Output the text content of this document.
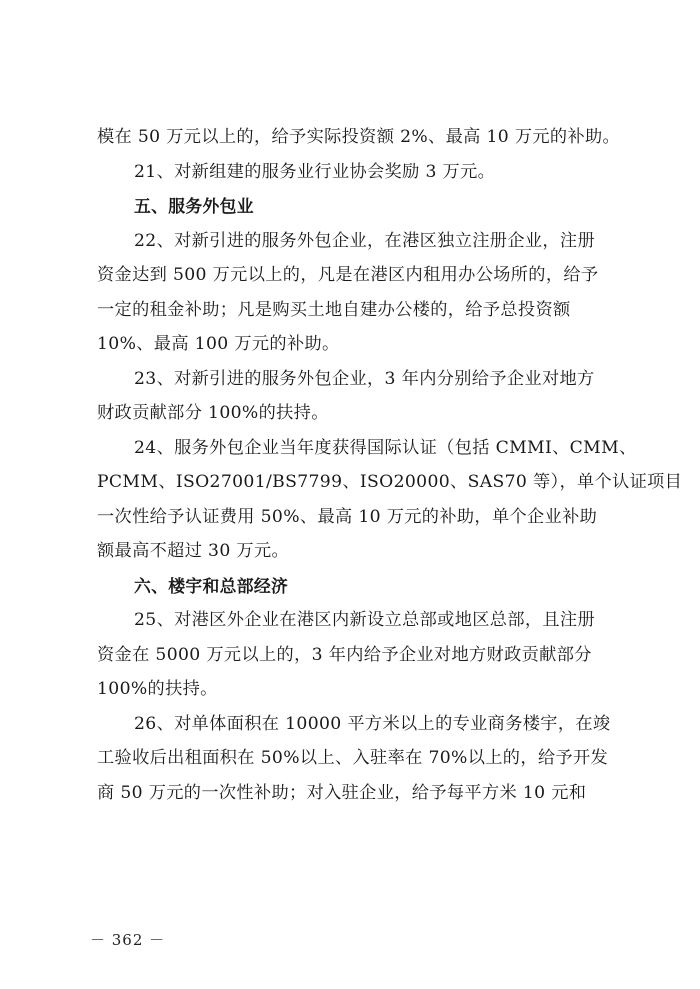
模在 50 万元以上的，给予实际投资额 2%、最高 10 万元的补助。
21、对新组建的服务业行业协会奖励 3 万元。
五、服务外包业
22、对新引进的服务外包企业，在港区独立注册企业，注册
资金达到 500 万元以上的，凡是在港区内租用办公场所的，给予
一定的租金补助；凡是购买土地自建办公楼的，给予总投资额
10%、最高 100 万元的补助。
23、对新引进的服务外包企业，3 年内分别给予企业对地方
财政贡献部分 100%的扶持。
24、服务外包企业当年度获得国际认证（包括 CMMI、CMM、
PCMM、ISO27001/BS7799、ISO20000、SAS70 等），单个认证项目
一次性给予认证费用 50%、最高 10 万元的补助，单个企业补助
额最高不超过 30 万元。
六、楼宇和总部经济
25、对港区外企业在港区内新设立总部或地区总部，且注册
资金在 5000 万元以上的，3 年内给予企业对地方财政贡献部分
100%的扶持。
26、对单体面积在 10000 平方米以上的专业商务楼宇，在竣
工验收后出租面积在 50%以上、入驻率在 70%以上的，给予开发
商 50 万元的一次性补助；对入驻企业，给予每平方米 10 元和
－ 362 －
